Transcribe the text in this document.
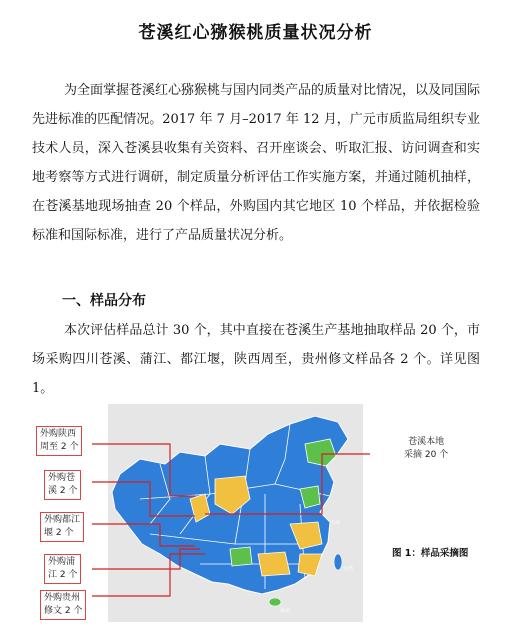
苍溪红心猕猴桃质量状况分析

为全面掌握苍溪红心猕猴桃与国内同类产品的质量对比情况，以及同国际先进标准的匹配情况。2017 年 7 月–2017 年 12 月，广元市质监局组织专业技术人员，深入苍溪县收集有关资料、召开座谈会、听取汇报、访问调查和实地考察等方式进行调研，制定质量分析评估工作实施方案，并通过随机抽样，在苍溪基地现场抽查 20 个样品，外购国内其它地区 10 个样品，并依据检验标准和国际标准，进行了产品质量状况分析。

一、样品分布

本次评估样品总计 30 个，其中直接在苍溪生产基地抽取样品 20 个，市场采购四川苍溪、蒲江、都江堰，陕西周至，贵州修文样品各 2 个。详见图 1。

上海
台湾
海南
外购陕西
周至 2 个
外购苍
溪 2 个
外购都江
堰 2 个
外购浦
江 2 个
外购贵州
修文 2 个
苍溪本地
采摘 20 个
图 1：样品采摘图
